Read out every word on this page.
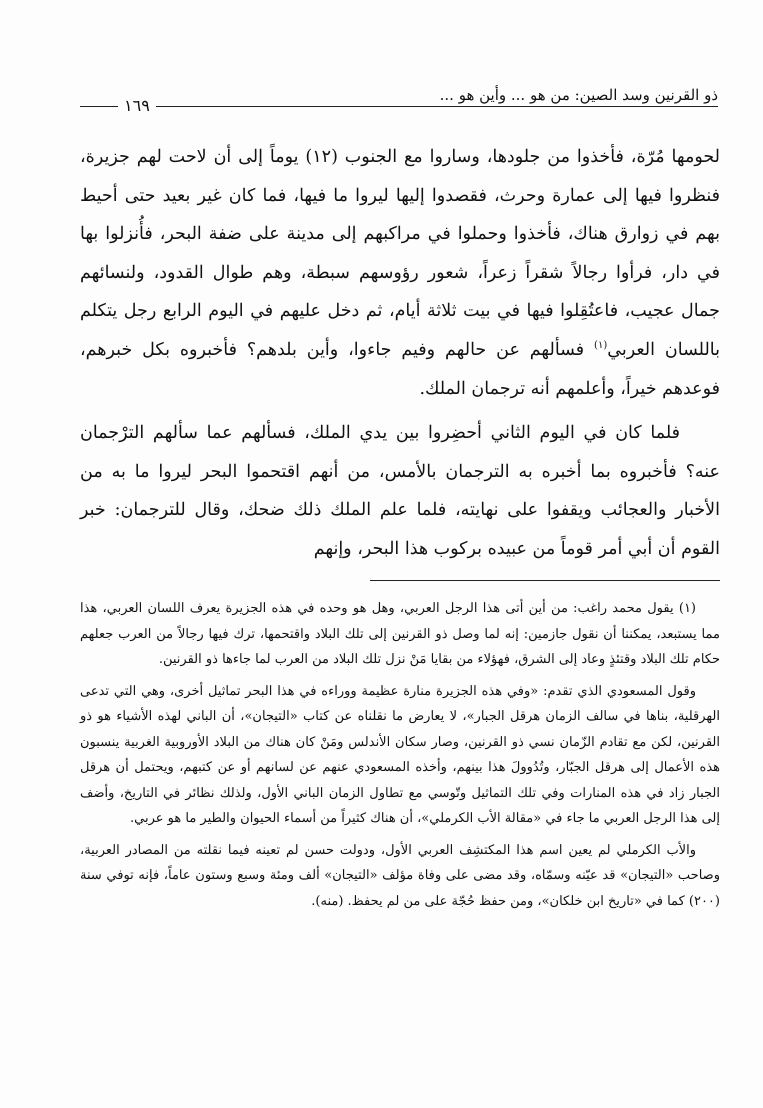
ذو القرنين وسد الصين: من هو ... وأين هو ...
١٦٩

لحومها مُرّة، فأخذوا من جلودها، وساروا مع الجنوب (١٢) يوماً إلى أن لاحت لهم جزيرة، فنظروا فيها إلى عمارة وحرث، فقصدوا إليها ليروا ما فيها، فما كان غير بعيد حتى أحيط بهم في زوارق هناك، فأخذوا وحملوا في مراكبهم إلى مدينة على ضفة البحر، فأُنزلوا بها في دار، فرأوا رجالاً شقراً زعراً، شعور رؤوسهم سبطة، وهم طوال القدود، ولنسائهم جمال عجيب، فاعتُقِلوا فيها في بيت ثلاثة أيام، ثم دخل عليهم في اليوم الرابع رجل يتكلم باللسان العربي$^{(١)}$ فسألهم عن حالهم وفيم جاءوا، وأين بلدهم؟ فأخبروه بكل خبرهم، فوعدهم خيراً، وأعلمهم أنه ترجمان الملك.

فلما كان في اليوم الثاني أحضِروا بين يدي الملك، فسألهم عما سألهم الترْجمان عنه؟ فأخبروه بما أخبره به الترجمان بالأمس، من أنهم اقتحموا البحر ليروا ما به من الأخبار والعجائب ويقفوا على نهايته، فلما علم الملك ذلك ضحك، وقال للترجمان: خبر القوم أن أبي أمر قوماً من عبيده بركوب هذا البحر، وإنهم

(١) يقول محمد راغب: من أين أتى هذا الرجل العربي، وهل هو وحده في هذه الجزيرة يعرف اللسان العربي، هذا مما يستبعد، يمكننا أن نقول جازمين: إنه لما وصل ذو القرنين إلى تلك البلاد واقتحمها، ترك فيها رجالاً من العرب جعلهم حكام تلك البلاد وقتئذٍ وعاد إلى الشرق، فهؤلاء من بقايا مَنْ نزل تلك البلاد من العرب لما جاءها ذو القرنين.

وقول المسعودي الذي تقدم: «وفي هذه الجزيرة منارة عظيمة ووراءه في هذا البحر تماثيل أخرى، وهي التي تدعى الهرقلية، بناها في سالف الزمان هرقل الجبار»، لا يعارض ما نقلناه عن كتاب «التيجان»، أن الباني لهذه الأشياء هو ذو القرنين، لكن مع تقادم الزّمان نسي ذو القرنين، وصار سكان الأندلس ومَنْ كان هناك من البلاد الأوروبية الغربية ينسبون هذه الأعمال إلى هرقل الجبّار، وتُدُوولَ هذا بينهم، وأخذه المسعودي عنهم عن لسانهم أو عن كتبهم، ويحتمل أن هرقل الجبار زاد في هذه المنارات وفي تلك التماثيل وتّوسي مع تطاول الزمان الباني الأول، ولذلك نظائر في التاريخ، وأضف إلى هذا الرجل العربي ما جاء في «مقالة الأب الكرملي»، أن هناك كثيراً من أسماء الحيوان والطير ما هو عربي.

والأب الكرملي لم يعين اسم هذا المكتشِف العربي الأول، ودولت حسن لم تعينه فيما نقلته من المصادر العربية، وصاحب «التيجان» قد عيّنه وسمّاه، وقد مضى على وفاة مؤلف «التيجان» ألف ومئة وسبع وستون عاماً، فإنه توفي سنة (٢٠٠) كما في «تاريخ ابن خلكان»، ومن حفظ حُجّة على من لم يحفظ. (منه).
